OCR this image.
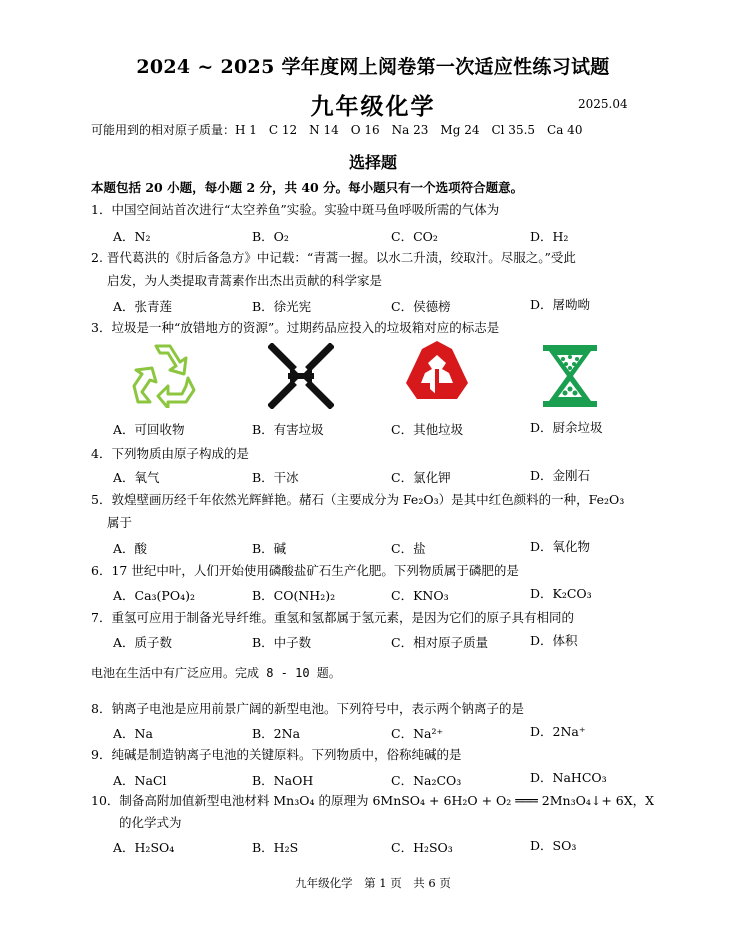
2024 ~ 2025 学年度网上阅卷第一次适应性练习试题
九年级化学	2025.04
可能用到的相对原子质量：H 1　C 12　N 14　O 16　Na 23　Mg 24　Cl 35.5　Ca 40
选择题
本题包括 20 小题，每小题 2 分，共 40 分。每小题只有一个选项符合题意。
1．中国空间站首次进行“太空养鱼”实验。实验中斑马鱼呼吸所需的气体为
A．N₂	B．O₂	C．CO₂	D．H₂
2. 晋代葛洪的《肘后备急方》中记载：“青蒿一握。以水二升渍，绞取汁。尽服之。”受此
启发，为人类提取青蒿素作出杰出贡献的科学家是
A．张青莲	B．徐光宪	C．侯德榜	D．屠呦呦
3．垃圾是一种“放错地方的资源”。过期药品应投入的垃圾箱对应的标志是
A．可回收物	B．有害垃圾	C．其他垃圾	D．厨余垃圾
4．下列物质由原子构成的是
A．氧气	B．干冰	C．氯化钾	D．金刚石
5．敦煌壁画历经千年依然光辉鲜艳。赭石（主要成分为 Fe₂O₃）是其中红色颜料的一种，Fe₂O₃
属于
A．酸	B．碱	C．盐	D．氧化物
6．17 世纪中叶，人们开始使用磷酸盐矿石生产化肥。下列物质属于磷肥的是
A．Ca₃(PO₄)₂	B．CO(NH₂)₂	C．KNO₃	D．K₂CO₃
7．重氢可应用于制备光导纤维。重氢和氢都属于氢元素，是因为它们的原子具有相同的
A．质子数	B．中子数	C．相对原子质量	D．体积
电池在生活中有广泛应用。完成 8 - 10 题。
8．钠离子电池是应用前景广阔的新型电池。下列符号中，表示两个钠离子的是
A．Na	B．2Na	C．Na²⁺	D．2Na⁺
9．纯碱是制造钠离子电池的关键原料。下列物质中，俗称纯碱的是
A．NaCl	B．NaOH	C．Na₂CO₃	D．NaHCO₃
10．制备高附加值新型电池材料 Mn₃O₄ 的原理为 6MnSO₄ + 6H₂O + O₂ ═══ 2Mn₃O₄↓+ 6X，X
的化学式为
A．H₂SO₄	B．H₂S	C．H₂SO₃	D．SO₃
九年级化学　第 1 页　共 6 页
